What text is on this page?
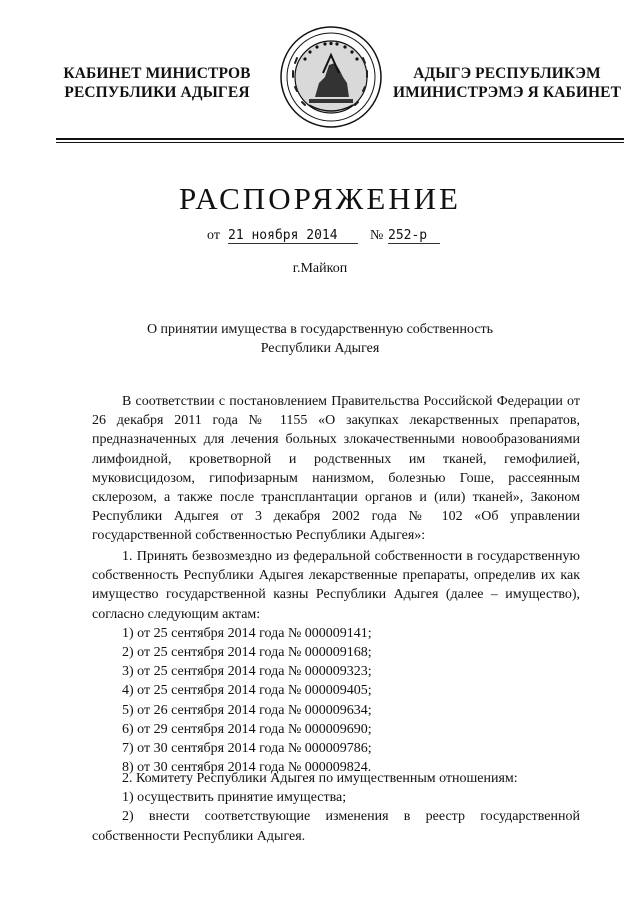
КАБИНЕТ МИНИСТРОВ
РЕСПУБЛИКИ АДЫГЕЯ
АДЫГЭ РЕСПУБЛИКЭМ
ИМИНИСТРЭМЭ Я КАБИНЕТ
РАСПОРЯЖЕНИЕ
от 21 ноября 2014	№ 252-р
г.Майкоп
О принятии имущества в государственную собственность
Республики Адыгея

В соответствии с постановлением Правительства Российской Федерации от 26 декабря 2011 года № 1155 «О закупках лекарственных препаратов, предназначенных для лечения больных злокачественными новообразованиями лимфоидной, кроветворной и родственных им тканей, гемофилией, муковисцидозом, гипофизарным нанизмом, болезнью Гоше, рассеянным склерозом, а также после трансплантации органов и (или) тканей», Законом Республики Адыгея от 3 декабря 2002 года № 102 «Об управлении государственной собственностью Республики Адыгея»:

1. Принять безвозмездно из федеральной собственности в государственную собственность Республики Адыгея лекарственные препараты, определив их как имущество государственной казны Республики Адыгея (далее – имущество), согласно следующим актам:

1) от 25 сентября 2014 года № 000009141;
2) от 25 сентября 2014 года № 000009168;
3) от 25 сентября 2014 года № 000009323;
4) от 25 сентября 2014 года № 000009405;
5) от 26 сентября 2014 года № 000009634;
6) от 29 сентября 2014 года № 000009690;
7) от 30 сентября 2014 года № 000009786;
8) от 30 сентября 2014 года № 000009824.

2. Комитету Республики Адыгея по имущественным отношениям:

1) осуществить принятие имущества;

2) внести соответствующие изменения в реестр государственной собственности Республики Адыгея.
